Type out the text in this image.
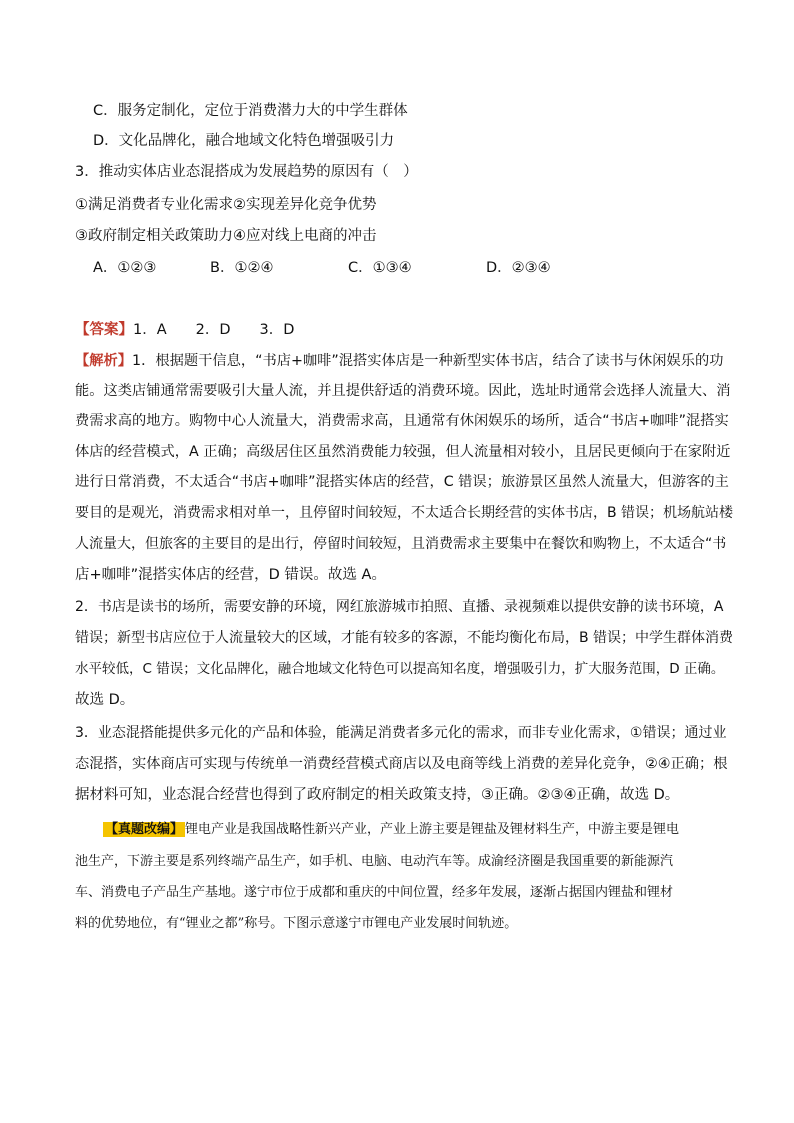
C．服务定制化，定位于消费潜力大的中学生群体
D．文化品牌化，融合地域文化特色增强吸引力
3．推动实体店业态混搭成为发展趋势的原因有（　）
①满足消费者专业化需求②实现差异化竞争优势
③政府制定相关政策助力④应对线上电商的冲击
A．①②③	B．①②④	C．①③④	D．②③④
【答案】1．A　　2．D　　3．D
【解析】1．根据题干信息，“书店+咖啡”混搭实体店是一种新型实体书店，结合了读书与休闲娱乐的功
能。这类店铺通常需要吸引大量人流，并且提供舒适的消费环境。因此，选址时通常会选择人流量大、消
费需求高的地方。购物中心人流量大，消费需求高，且通常有休闲娱乐的场所，适合“书店+咖啡”混搭实
体店的经营模式，A 正确；高级居住区虽然消费能力较强，但人流量相对较小，且居民更倾向于在家附近
进行日常消费，不太适合“书店+咖啡”混搭实体店的经营，C 错误；旅游景区虽然人流量大，但游客的主
要目的是观光，消费需求相对单一，且停留时间较短，不太适合长期经营的实体书店，B 错误；机场航站楼
人流量大，但旅客的主要目的是出行，停留时间较短，且消费需求主要集中在餐饮和购物上，不太适合“书
店+咖啡”混搭实体店的经营，D 错误。故选 A。
2．书店是读书的场所，需要安静的环境，网红旅游城市拍照、直播、录视频难以提供安静的读书环境，A
错误；新型书店应位于人流量较大的区域，才能有较多的客源，不能均衡化布局，B 错误；中学生群体消费
水平较低，C 错误；文化品牌化，融合地域文化特色可以提高知名度，增强吸引力，扩大服务范围，D 正确。
故选 D。
3．业态混搭能提供多元化的产品和体验，能满足消费者多元化的需求，而非专业化需求，①错误；通过业
态混搭，实体商店可实现与传统单一消费经营模式商店以及电商等线上消费的差异化竞争，②④正确；根
据材料可知，业态混合经营也得到了政府制定的相关政策支持，③正确。②③④正确，故选 D。
【真题改编】 锂电产业是我国战略性新兴产业，产业上游主要是锂盐及锂材料生产，中游主要是锂电
池生产，下游主要是系列终端产品生产，如手机、电脑、电动汽车等。成渝经济圈是我国重要的新能源汽
车、消费电子产品生产基地。遂宁市位于成都和重庆的中间位置，经多年发展，逐渐占据国内锂盐和锂材
料的优势地位，有“锂业之都”称号。下图示意遂宁市锂电产业发展时间轨迹。
